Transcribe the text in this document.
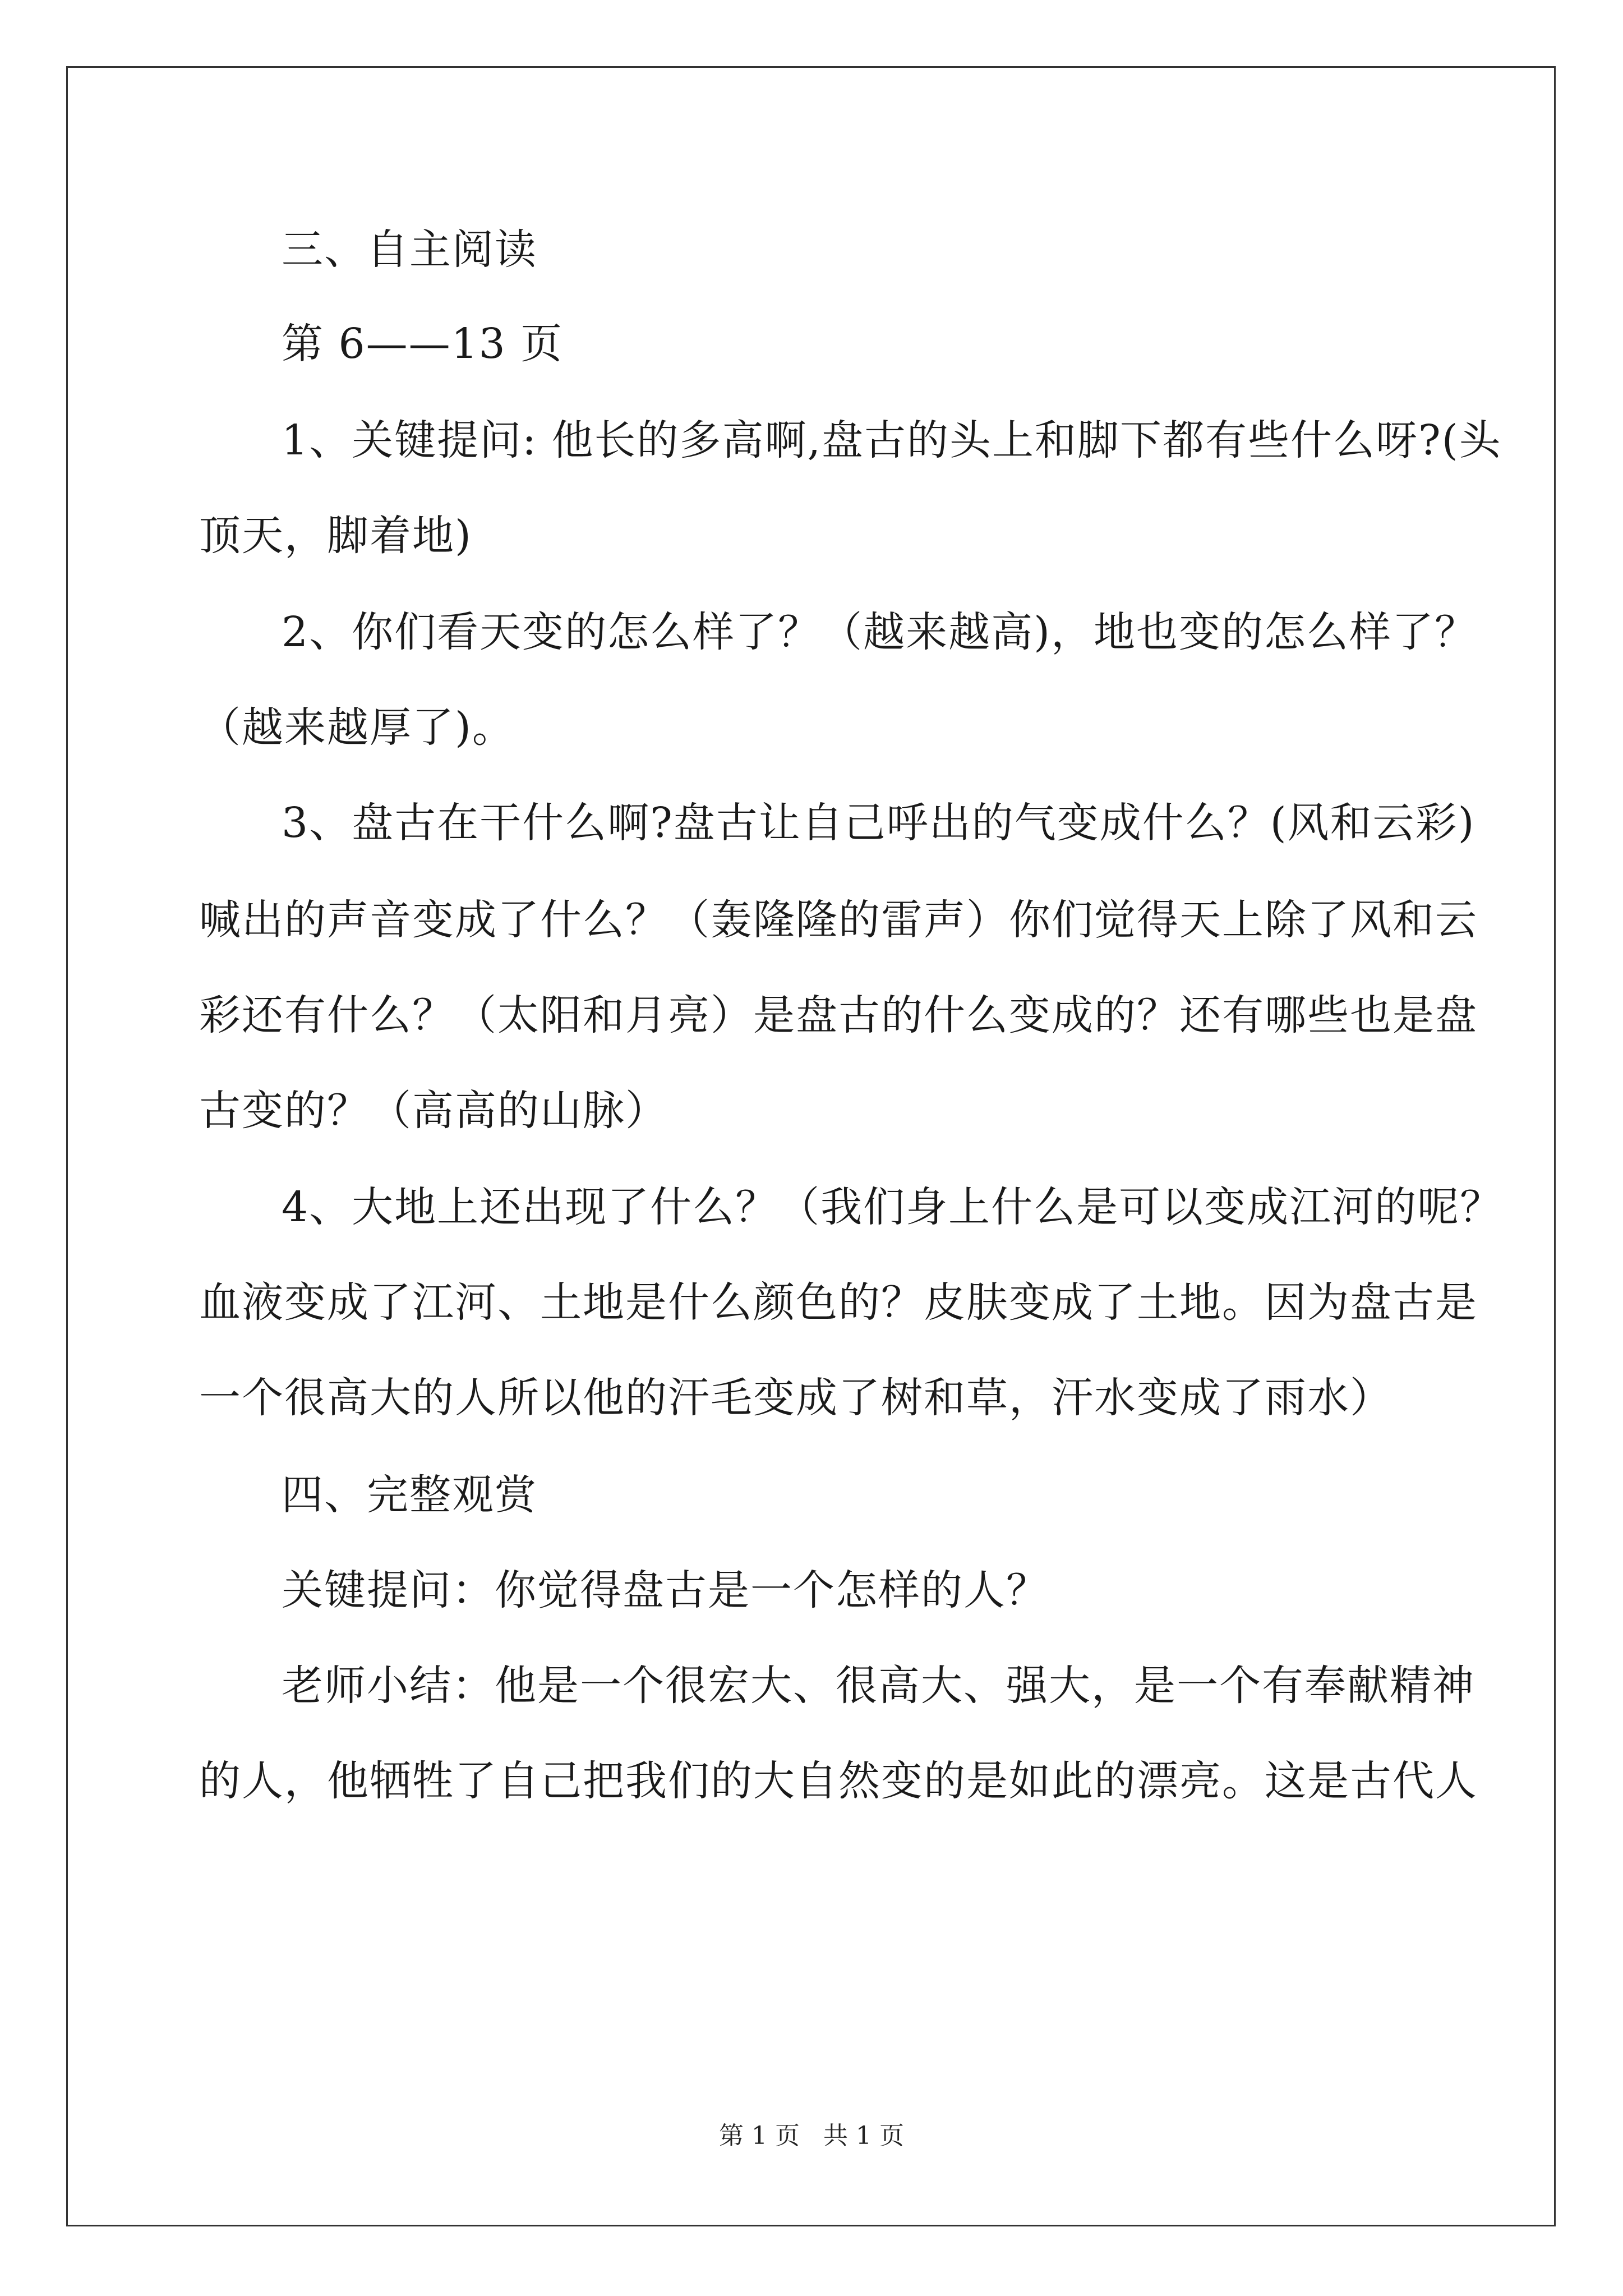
三、自主阅读
第 6——13 页
1、关键提问: 他长的多高啊,盘古的头上和脚下都有些什么呀?(头
顶天，脚着地)
2、你们看天变的怎么样了？（越来越高)，地也变的怎么样了？
（越来越厚了)。
3、盘古在干什么啊?盘古让自己呼出的气变成什么？(风和云彩)
喊出的声音变成了什么？（轰隆隆的雷声）你们觉得天上除了风和云
彩还有什么？（太阳和月亮）是盘古的什么变成的？还有哪些也是盘
古变的？（高高的山脉）
4、大地上还出现了什么？（我们身上什么是可以变成江河的呢？
血液变成了江河、土地是什么颜色的？皮肤变成了土地。因为盘古是
一个很高大的人所以他的汗毛变成了树和草，汗水变成了雨水）
四、完整观赏
关键提问：你觉得盘古是一个怎样的人？
老师小结：他是一个很宏大、很高大、强大，是一个有奉献精神
的人，他牺牲了自己把我们的大自然变的是如此的漂亮。这是古代人
第 1 页   共 1 页
